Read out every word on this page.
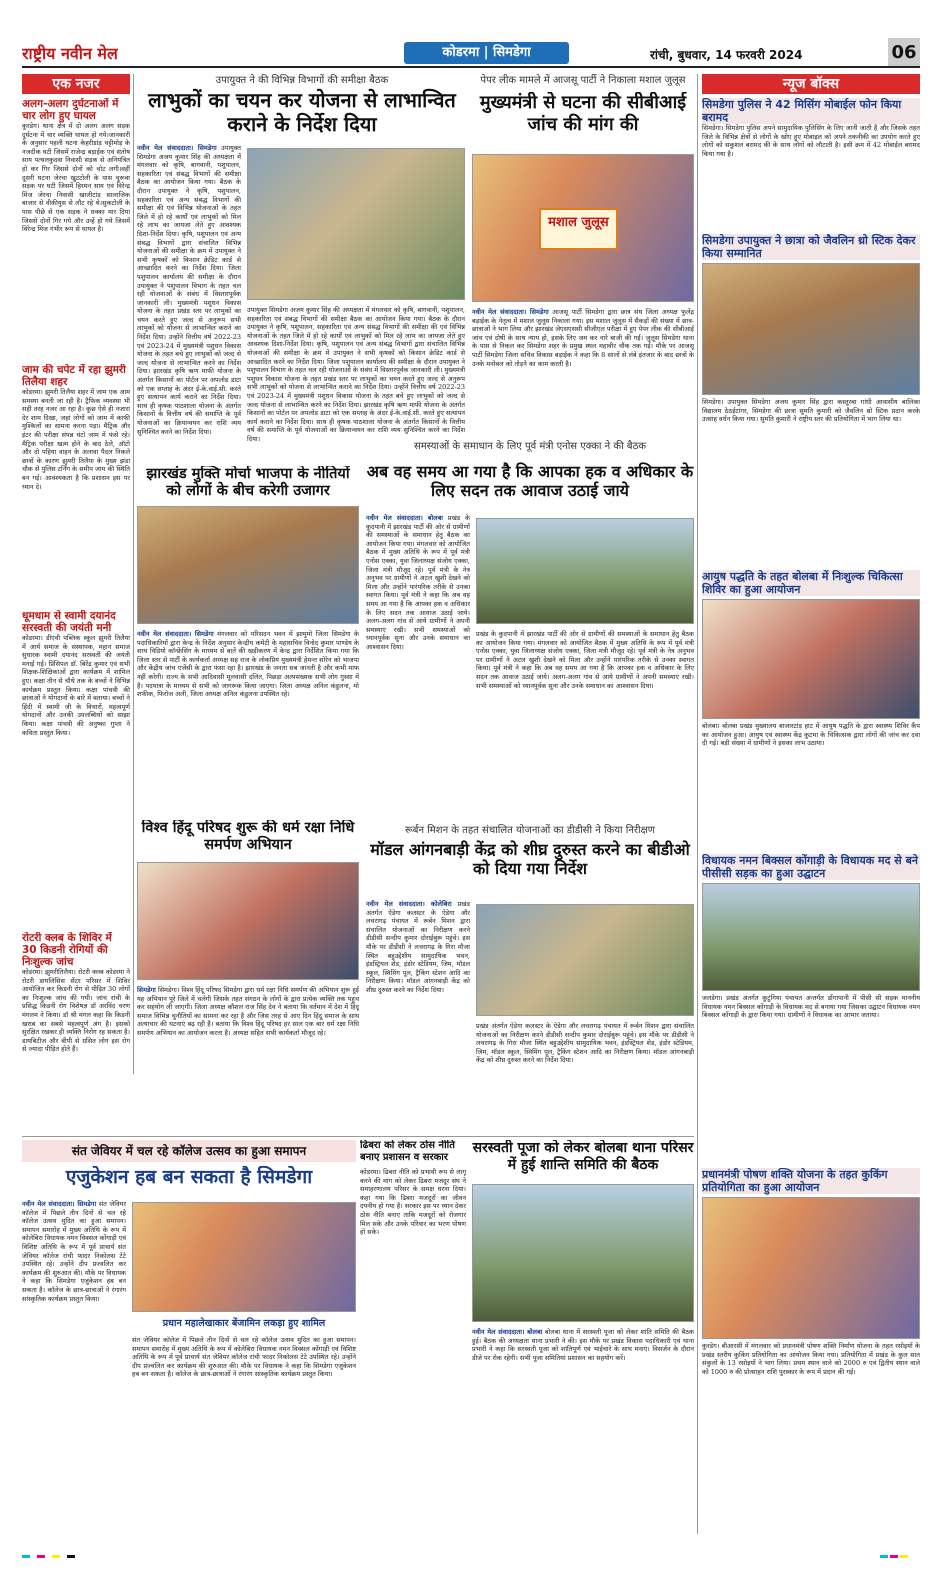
राष्ट्रीय नवीन मेल	कोडरमा | सिमडेगा	रांची, बुधवार, 14 फरवरी 2024	06
एक नजर
अलग-अलग दुर्घटनाओं में चार लोग हुए घायल
कुरडेग। थाना क्षेत्र में दो अलग अलग सड़क दुर्घटना में चार व्यक्ति घायल हो गये।जानकारी के अनुसार पहली घटना केहरीडांड़ चट्टीमोड़ के नजदीक घटी जिसमें राजेन्द्र बड़ाईक एवं संतोष साय पत्थलकुदवा निवासी सड़क से अनियंत्रित हो कर गिर जिससे दोनों को चोट लगी।वहीं दूसरी घटना जेरचा खुटटोली के पास चुरूवा सड़क पर घटी जिसमें हिरमन साय एवं विरेन्द्र मिंज जेरचा निवासी खालीटांड़ सालाजिक बाजार से वीकीयुस से लौट रहे थे।सुकटोली के पास पीछे से एक सड़क ने धक्का मार दिया जिससे दोनों गिर गये और उन्हें हो गये जिसमें विरेन्द्र मिंज गंभीर रूप से घायल है।
जाम की चपेट में रहा झुमरी तिलैया शहर
कोडरमा। झुमरी तिलैया शहर में जाम एक आम समस्या बनती जा रही है। ट्रैफिक व्यवस्था भी सही तरह नजर आ रहा है। कुछ ऐसे ही नजारा देर शाम दिखा, जहां लोगों को जाम में काफी मुश्किलों का सामना करना पड़ा। मैट्रिक और इंटर की परीक्षा संपन्न घंटो जाम में फंसे रहे। मैट्रिक परीक्षा खत्म होने के बाद ठेले, ऑटो और दो पहिया वाहन के अलावा पैदल निकले छात्रों के कारण झुमरी तिलैया के मुख्य झंडा चौक से पुलिस टर्निंग के समीप जाम की स्थिति बन गई। आवंश्यकता है कि प्रशासन इस पर ध्यान दे।
धूमधाम से स्वामी दयानंद सरस्वती की जयंती मनी
कोडरमा। डीएवी पब्लिक स्कूल झुमरी तिलैया में आर्य समाज के संस्थापक, महान समाज सुधारक स्वामी दयानंद सरस्वती की जयंती मनाई गई। प्रिंसिपल डॉ. बिरेंद्र कुमार एवं सभी शिक्षक-शिक्षिकाओं द्वारा कार्यक्रम में शामिल हुए। कक्षा तीन से चौथे तक के बच्चों ने विभिन्न कार्यक्रम प्रस्तुत किया। कक्षा पांचवी की छात्राओं ने योगदानों के बारे में बताया। बच्चों ने हिंदी में स्वामी जी के विचारों, महत्वपूर्ण योगदानों और उनकी उपलब्धियों को साझा किया। कक्षा पांचवी की अनुष्का गुप्ता ने कविता प्रस्तुत किया।
रोटरी क्लब के शिविर में 30 किडनी रोगियों की निःशुल्क जांच
कोडरमा। झुमरीतिलैया। रोटरी क्लब कोडरमा ने रोटरी डायलिसिस सेंटर परिसर में शिविर आयोजित कर किडनी रोग से पीड़ित 30 लोगों का निःशुल्क जांच की गयी। जांच रांची के प्रसिद्ध किडनी रोग विशेषज्ञ डॉ अरविंद चरण मंगलम ने किया। डॉ श्री मंगल कहा कि किडनी खराब का सबसे महत्वपूर्ण अंग है। इसको सुरक्षित रखकर ही व्यक्ति निरोग रह सकता है। डायबिटीज और बीपी से ग्रसित लोग इस रोग से ज्यादा पीड़ित होते हैं।
उपायुक्त ने की विभिन्न विभागों की समीक्षा बैठक
लाभुकों का चयन कर योजना से लाभान्वित कराने के निर्देश दिया
नवीन मेल संवाददाता। सिमडेगा उपायुक्त सिमडेगा अजय कुमार सिंह की अध्यक्षता में मंगलवार को कृषि, बागवानी, पशुपालन, सहकारिता एवं संबद्ध विभागों की समीक्षा बैठक का आयोजन किया गया। बैठक के दौरान उपायुक्त ने कृषि, पशुपालन, सहकारिता एवं अन्य संबद्ध विभागों की समीक्षा की एवं विभिन्न योजनाओं के तहत जिले में हो रहे कार्यों एवं लाभुकों को मिल रहे लाभ का जायजा लेते हुए आवश्यक दिशा-निर्देश दिया। कृषि, पशुपालन एवं अन्य संबद्ध विभागों द्वारा संचालित विभिन्न योजनाओं की समीक्षा के क्रम में उपायुक्त ने सभी कृषकों को किसान क्रेडिट कार्ड से आच्छादित करने का निर्देश दिया। जिला पशुपालन कार्यालय की समीक्षा के दौरान उपायुक्त ने पशुपालन विभाग के तहत चल रही योजनाओं के संबंध में विस्तारपूर्वक जानकारी ली। मुख्यमंत्री पशुधन विकास योजना के तहत प्रखंड स्तर पर लाभुकों का चयन करते हुए जल्द से अनुरूप सभी लाभुकों को योजना से लाभान्वित कराने का निर्देश दिया। उन्होंने वित्तीय वर्ष 2022-23 एवं 2023-24 में मुख्यमंत्री पशुधन विकास योजना के तहत बचे हुए लाभुकों को जल्द से जल्द योजना से लाभान्वित करने का निर्देश दिया। झारखंड कृषि ऋण माफी योजना के अंतर्गत किसानों का पोर्टल पर अपलोड डाटा को एक सप्ताह के अंदर ई-के.वाई.सी. करते हुए सत्यापन कार्य कराने का निर्देश दिया। साथ ही कृषक पाठशाला योजना के अंतर्गत किसानों के वित्तीय वर्ष की समाप्ति के पूर्व योजनाओं का क्रियान्वयन कर राशि व्यय सुनिश्चित करने का निर्देश दिया।
उपायुक्त सिमडेगा अजय कुमार सिंह की अध्यक्षता में मंगलवार को कृषि, बागवानी, पशुपालन, सहकारिता एवं संबद्ध विभागों की समीक्षा बैठक का आयोजन किया गया। बैठक के दौरान उपायुक्त ने कृषि, पशुपालन, सहकारिता एवं अन्य संबद्ध विभागों की समीक्षा की एवं विभिन्न योजनाओं के तहत जिले में हो रहे कार्यों एवं लाभुकों को मिल रहे लाभ का जायजा लेते हुए आवश्यक दिशा-निर्देश दिया। कृषि, पशुपालन एवं अन्य संबद्ध विभागों द्वारा संचालित विभिन्न योजनाओं की समीक्षा के क्रम में उपायुक्त ने सभी कृषकों को किसान क्रेडिट कार्ड से आच्छादित करने का निर्देश दिया। जिला पशुपालन कार्यालय की समीक्षा के दौरान उपायुक्त ने पशुपालन विभाग के तहत चल रही योजनाओं के संबंध में विस्तारपूर्वक जानकारी ली। मुख्यमंत्री पशुधन विकास योजना के तहत प्रखंड स्तर पर लाभुकों का चयन करते हुए जल्द से अनुरूप सभी लाभुकों को योजना से लाभान्वित कराने का निर्देश दिया। उन्होंने वित्तीय वर्ष 2022-23 एवं 2023-24 में मुख्यमंत्री पशुधन विकास योजना के तहत बचे हुए लाभुकों को जल्द से जल्द योजना से लाभान्वित करने का निर्देश दिया। झारखंड कृषि ऋण माफी योजना के अंतर्गत किसानों का पोर्टल पर अपलोड डाटा को एक सप्ताह के अंदर ई-के.वाई.सी. करते हुए सत्यापन कार्य कराने का निर्देश दिया। साथ ही कृषक पाठशाला योजना के अंतर्गत किसानों के वित्तीय वर्ष की समाप्ति के पूर्व योजनाओं का क्रियान्वयन कर राशि व्यय सुनिश्चित करने का निर्देश दिया।
पेपर लीक मामले में आजसू पार्टी ने निकाला मशाल जुलूस
मुख्यमंत्री से घटना की सीबीआई जांच की मांग की
मशाल जुलूस
नवीन मेल संवाददाता। सिमडेगा आजसू पार्टी सिमडेगा द्वारा छात्र संघ जिला अध्यक्ष फुलेंद्र बड़ाईक के नेतृत्व में मशाल जुलूस निकाला गया। इस मशाल जुलूस में सैकड़ों की संख्या में छात्र-छात्राओं ने भाग लिया और झारखंड जेएसएससी सीजीएल परीक्षा में हुए पेपर लीक की सीबीआई जांच एवं दोषी के साथ न्याय हो, इसके लिए जम कर नारे बाजी की गई। जुलूस सिमडेगा थाना के पास से निकल कर सिमडेगा शहर के प्रमुख स्थल महावीर चौक तक गई। मौके पर आजसू पार्टी सिमडेगा जिला सचिव विकास बड़ाईक ने कहा कि 8 सालों से लंबे इंतजार के बाद छात्रों के उनके मनोबल को तोड़ने का काम करती है।
झारखंड मुक्ति मोर्चा भाजपा के नीतियों को लोगों के बीच करेगी उजागर
नवीन मेल संवाददाता। सिमडेगा मंगलवार को परिसदन भवन में झामुमो जिला सिमडेगा के पदाधिकारियों द्वारा केन्द्र के निर्देश अनुसार केन्द्रीय कमेटी के महासचिव विनोद कुमार पाण्डेय के साथ विडियो कॉन्फ्रेंसिंग के माध्यम से बातें की खड़ीकरण में केन्द्र द्वारा निर्देशित किया गया कि जिला स्तर से पार्टी के कार्यकर्ता अध्यक्ष सह राज के लोकप्रिय मुख्यमंत्री हेमन्त सोरेन को भाजपा और केंद्रीय जांच एजेंसी के द्वारा फंसा रहा है। झारखंड के जनता सब जानती है और कभी माफ नहीं करेगी। राज्य के सभी आदिवासी मूलवासी दलित, पिछड़ा अल्पसंख्यक सभी लोग गुस्सा में है। पदयात्रा के माध्यम से सभी को जागरूक किया जाएगा। जिला अध्यक्ष अनिल कंडुलना, मो शफीक, फिरोज अली, जिला अध्यक्ष अनिल कंडुलना उपस्थित रहे।
समस्याओं के समाधान के लिए पूर्व मंत्री एनोस एक्का ने की बैठक
अब वह समय आ गया है कि आपका हक व अधिकार के लिए सदन तक आवाज उठाई जाये
नवीन मेल संवाददाता। बोलबा प्रखंड के कुदपानी में झारखंड पार्टी की ओर से ग्रामीणों की समस्याओं के समाधान हेतु बैठक का आयोजन किया गया। मंगलवार को आयोजित बैठक में मुख्य अतिथि के रूप में पूर्व मंत्री एनोस एक्का, युवा जिलाध्यक्ष संजोय एक्का, जिला मंत्री मौजूद रहे। पूर्व मंत्री के नेत्र अनुभव पर ग्रामीणों ने अटल खुशी देखने को मिला और उन्होंने पारंपरिक तरीके से उनका स्वागत किया। पूर्व मंत्री ने कहा कि अब वह समय आ गया है कि आपका हक व अधिकार के लिए सदन तक आवाज उठाई जाये। अलग-अलग गांव से आये ग्रामीणों ने अपनी समस्याएं रखी। सभी समस्याओं को ध्यानपूर्वक सुना और उनके समाधान का आश्वासन दिया।
प्रखंड के कुदपानी में झारखंड पार्टी की ओर से ग्रामीणों की समस्याओं के समाधान हेतु बैठक का आयोजन किया गया। मंगलवार को आयोजित बैठक में मुख्य अतिथि के रूप में पूर्व मंत्री एनोस एक्का, युवा जिलाध्यक्ष संजोय एक्का, जिला मंत्री मौजूद रहे। पूर्व मंत्री के नेत्र अनुभव पर ग्रामीणों ने अटल खुशी देखने को मिला और उन्होंने पारंपरिक तरीके से उनका स्वागत किया। पूर्व मंत्री ने कहा कि अब वह समय आ गया है कि आपका हक व अधिकार के लिए सदन तक आवाज उठाई जाये। अलग-अलग गांव से आये ग्रामीणों ने अपनी समस्याएं रखी। सभी समस्याओं को ध्यानपूर्वक सुना और उनके समाधान का आश्वासन दिया।
विश्व हिंदू परिषद शुरू की धर्म रक्षा निधि समर्पण अभियान
सिमडेगा सिमडेगा। विश्व हिंदू परिषद सिमडेगा द्वारा धर्म रक्षा निधि समर्पण की अभियान शुरू हुई यह अभियान पूरे जिले में चलेगी जिसके तहत संगठन के लोगों के द्वारा प्रत्येक व्यक्ति तक पहुंच कर सहयोग ली जाएगी। जिला अध्यक्ष कौशल राज सिंह देव ने बताया कि वर्तमान में देश में हिंदू समाज विभिन्न चुनौतियों का सामना कर रहा है और जिस तरह से आए दिन हिंदू समाज के साथ अत्याचार की घटनाएं बढ़ रही है। बताया कि विश्व हिंदू परिषद हर साल एक बार धर्म रक्षा निधि समर्पण अभियान का आयोजन करता है। अध्यक्ष सहित सभी कार्यकर्ता मौजूद रहे।
रूर्बन मिशन के तहत संचालित योजनाओं का डीडीसी ने किया निरीक्षण
मॉडल आंगनबाड़ी केंद्र को शीघ्र दुरुस्त करने का बीडीओ को दिया गया निर्देश
नवीन मेल संवाददाता। कोलेबिरा प्रखंड अंतर्गत ऐडेगा कलस्टर के ऐडेगा और लचरागढ़ पंचायत में रूर्बन मिशन द्वारा संचालित योजनाओं का निरीक्षण करने डीडीसी सन्दीप कुमार दोराईबुरू पहुंचे। इस मौके पर डीडीसी ने लचरागढ़ के गिरा मौजा स्थित बहुउद्देशीय सामुदायिक भवन, इंडस्ट्रियल शेड, इंडोर स्टेडियम, जिम, मॉडल स्कूल, स्विमिंग पूल, ट्रैकिंग स्टेशन आदि का निरीक्षण किया। मॉडल आंगनबाड़ी केंद्र को शीघ्र दुरुस्त करने का निर्देश दिया।
प्रखंड अंतर्गत ऐडेगा कलस्टर के ऐडेगा और लचरागढ़ पंचायत में रूर्बन मिशन द्वारा संचालित योजनाओं का निरीक्षण करने डीडीसी सन्दीप कुमार दोराईबुरू पहुंचे। इस मौके पर डीडीसी ने लचरागढ़ के गिरा मौजा स्थित बहुउद्देशीय सामुदायिक भवन, इंडस्ट्रियल शेड, इंडोर स्टेडियम, जिम, मॉडल स्कूल, स्विमिंग पूल, ट्रैकिंग स्टेशन आदि का निरीक्षण किया। मॉडल आंगनबाड़ी केंद्र को शीघ्र दुरुस्त करने का निर्देश दिया।
संत जेवियर में चल रहे कॉलेज उत्सव का हुआ समापन
एजुकेशन हब बन सकता है सिमडेगा
नवीन मेल संवाददाता। सिमडेगा संत जेवियर कॉलेज में पिछले तीन दिनों से चल रहे कॉलेज उत्सव मुदित का हुआ समापन। समापन समारोह में मुख्य अतिथि के रूप में कोलेबिरा विधायक नमन विक्सल कोंगाड़ी एवं विशिष्ट अतिथि के रूप में पूर्व प्राचार्य संत जेवियर कॉलेज रांची फादर निकोलस टेटे उपस्थित रहे। उन्होंने दीप प्रज्वलित कर कार्यक्रम की शुरुआत की। मौके पर विधायक ने कहा कि सिमडेगा एजुकेशन हब बन सकता है। कॉलेज के छात्र-छात्राओं ने रंगारंग सांस्कृतिक कार्यक्रम प्रस्तुत किया।
प्रधान महालेखाकार बेंजामिन लकड़ा हुए शामिल
संत जेवियर कॉलेज में पिछले तीन दिनों से चल रहे कॉलेज उत्सव मुदित का हुआ समापन। समापन समारोह में मुख्य अतिथि के रूप में कोलेबिरा विधायक नमन विक्सल कोंगाड़ी एवं विशिष्ट अतिथि के रूप में पूर्व प्राचार्य संत जेवियर कॉलेज रांची फादर निकोलस टेटे उपस्थित रहे। उन्होंने दीप प्रज्वलित कर कार्यक्रम की शुरुआत की। मौके पर विधायक ने कहा कि सिमडेगा एजुकेशन हब बन सकता है। कॉलेज के छात्र-छात्राओं ने रंगारंग सांस्कृतिक कार्यक्रम प्रस्तुत किया।
ढिबरा को लेकर ठोस नीति बनाए प्रशासन व सरकार
कोडरमा। ढिबरा नीति को प्रभावी रूप से लागू करने की मांग को लेकर ढिबरा मजदूर संघ ने समाहरणालय परिसर के समक्ष धरना दिया। कहा गया कि ढिबरा मजदूरों का जीवन दयनीय हो गया है। सरकार इस पर ध्यान देकर ठोस नीति बनाए ताकि मजदूरों को रोजगार मिल सके और उनके परिवार का भरण पोषण हो सके।
सरस्वती पूजा को लेकर बोलबा थाना परिसर में हुई शान्ति समिति की बैठक
नवीन मेल संवाददाता। बोलबा बोलबा थाना में सरस्वती पूजा को लेकर शांति समिति की बैठक हुई। बैठक की अध्यक्षता थाना प्रभारी ने की। इस मौके पर प्रखंड विकास पदाधिकारी एवं थाना प्रभारी ने कहा कि सरस्वती पूजा को शांतिपूर्ण एवं भाईचारे के साथ मनाएं। विसर्जन के दौरान डीजे पर रोक रहेगी। सभी पूजा समितियां प्रशासन का सहयोग करें।
न्यूज बॉक्स
सिमडेगा पुलिस ने 42 मिसिंग मोबाईल फोन किया बरामद
सिमडेगा। सिमडेगा पुलिस अपने सामुदायिक पुलिसिंग के लिए जानी जाती है और जिसके तहत जिले के विभिन्न क्षेत्रों से लोगों के खोए हुए मोबाइल को अपने तकनीकी का उपयोग करते हुए लोगों को सकुशल बरामद की के साथ लोगों को लौटाती है। इसी क्रम में 42 मोबाईल बरामद किया गया है।
सिमडेगा उपायुक्त ने छात्रा को जैवलिन थ्रो स्टिक देकर किया सम्मानित
सिमडेगा। उपायुक्त सिमडेगा अजय कुमार सिंह द्वारा कस्तूरबा गांधी आवासीय बालिका विद्यालय ठेठईटांगर, सिमडेगा की छात्रा सुमति कुमारी को जैवलिन थ्रो स्टिक प्रदान करके उत्साह वर्धन किया गया। सुमति कुमारी ने राष्ट्रीय स्तर की प्रतियोगिता में भाग लिया था।
आयुष पद्धति के तहत बोलबा में निःशुल्क चिकित्सा शिविर का हुआ आयोजन
बोलबा। बोलबा प्रखंड मुख्यालय बाजारटांड़ हाट में आयुष पद्धति के द्वारा स्वास्थ्य शिविर कैंप का आयोजन हुआ। आयुष एवं स्वास्थ्य केंद्र कुटमा के चिकित्सक द्वारा लोगों की जांच कर दवा दी गई। बड़ी संख्या में ग्रामीणों ने इसका लाभ उठाया।
विधायक नमन बिक्सल कोंगाड़ी के विधायक मद से बने पीसीसी सड़क का हुआ उद्घाटन
जलडेगा। प्रखंड अंतर्गत कुटुंगिया पंचायत अन्तर्गत डोंगापानी में पीसी सी सड़क माननीय विधायक नमन बिक्सल कोंगाड़ी के विधायक मद से बनाया गया जिसका उद्घाटन विधायक नमन बिक्सल कोंगाड़ी के द्वारा किया गया। ग्रामीणों ने विधायक का आभार जताया।
प्रधानमंत्री पोषण शक्ति योजना के तहत कुकिंग प्रतियोगिता का हुआ आयोजन
कुरडेग। बीआरसी में मंगलवार को प्रधानमंत्री पोषण शक्ति निर्माण योजना के तहत रसोइयों के प्रखंड स्तरीय कुकिंग प्रतियोगिता का आयोजन किया गया। प्रतियोगिता में प्रखंड के कुल सात संकुलों के 13 रसोइयों ने भाग लिया। प्रथम स्थान वाले को 2000 रु एवं द्वितीय स्थान वाले को 1000 रु की प्रोत्साहन राशि पुरस्कार के रूप में प्रदान की गई।
